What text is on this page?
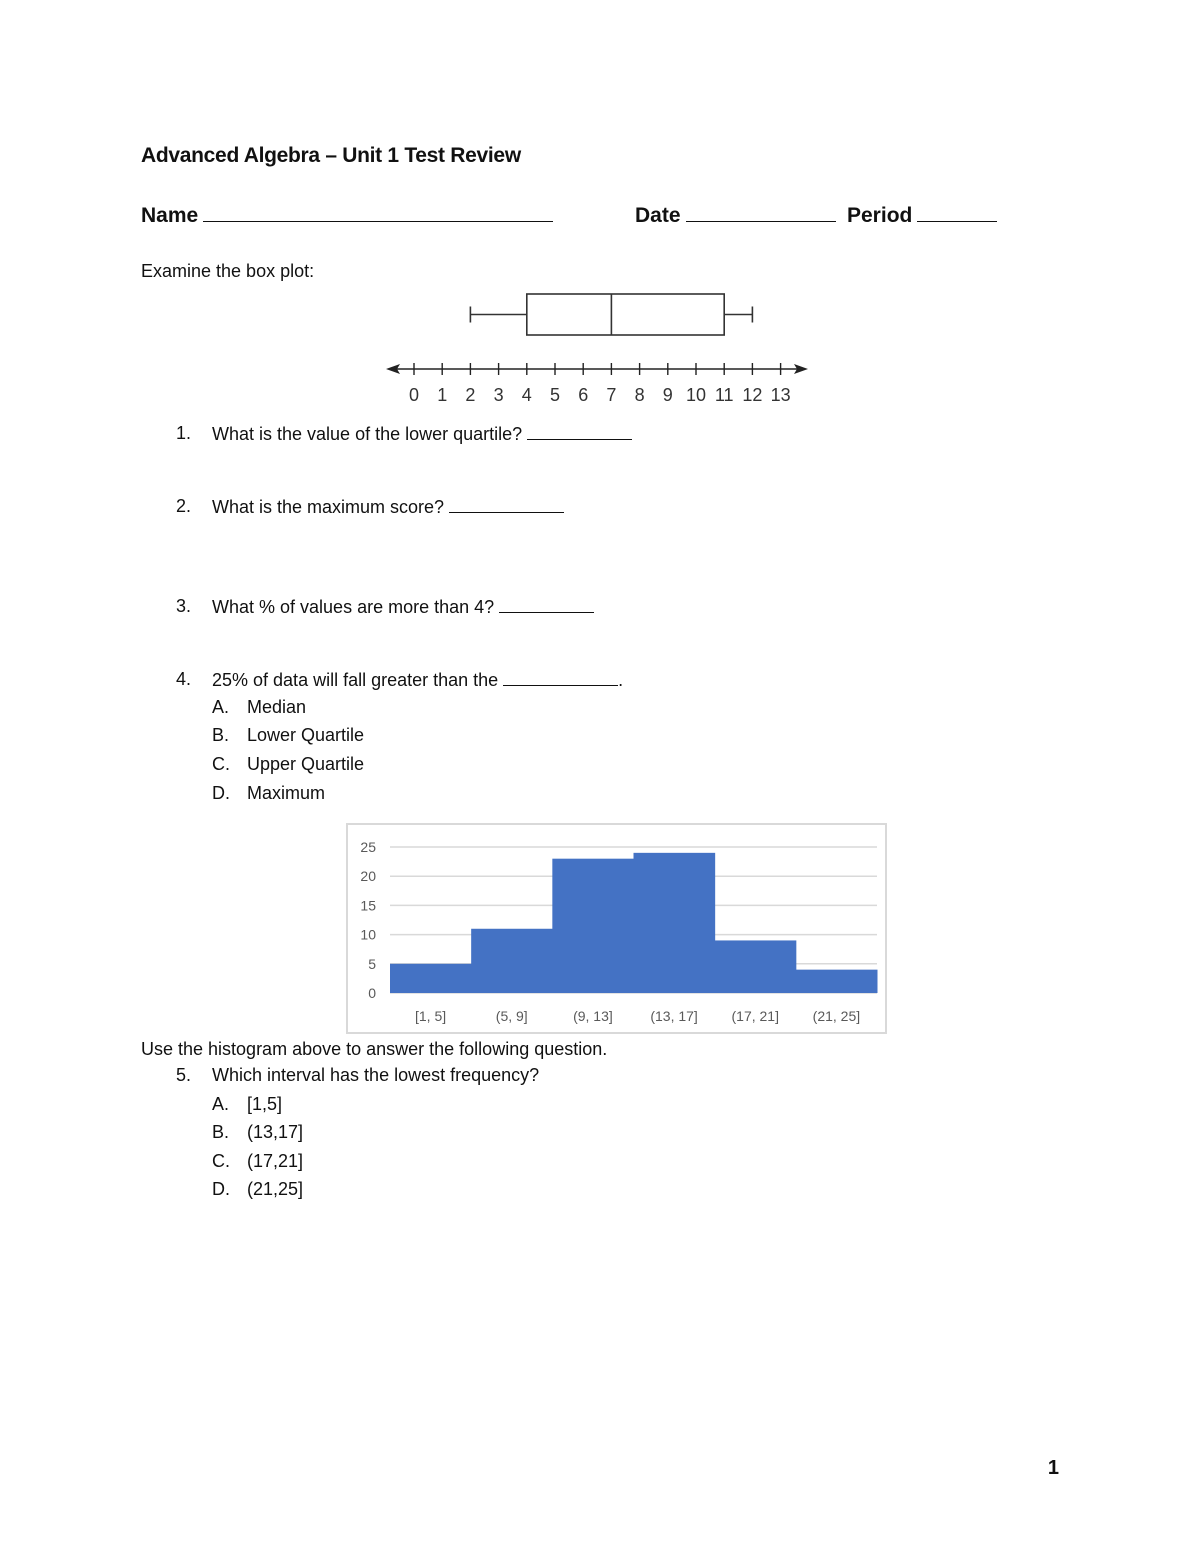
Advanced Algebra – Unit 1 Test Review
Name	Date	Period
Examine the box plot:
0 1 2 3 4 5 6 7 8 9 10 11 12 13
1. What is the value of the lower quartile?
2. What is the maximum score?
3. What % of values are more than 4?
4. 25% of data will fall greater than the	.
A. Median
B. Lower Quartile
C. Upper Quartile
D. Maximum
0
5
10
15
20
25
[1, 5]	(5, 9]	(9, 13]	(13, 17] (17, 21] (21, 25]
Use the histogram above to answer the following question.
5. Which interval has the lowest frequency?
A. [1,5]
B. (13,17]
C. (17,21]
D. (21,25]
1
